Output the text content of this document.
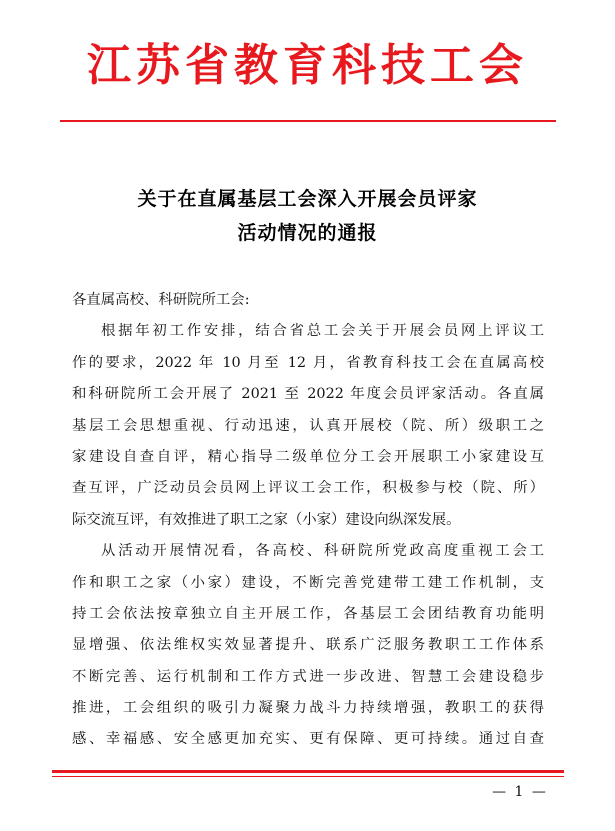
江苏省教育科技工会
关于在直属基层工会深入开展会员评家
活动情况的通报
各直属高校、科研院所工会:
根据年初工作安排，结合省总工会关于开展会员网上评议工
作的要求，2022 年 10 月至 12 月，省教育科技工会在直属高校
和科研院所工会开展了 2021 至 2022 年度会员评家活动。各直属
基层工会思想重视、行动迅速，认真开展校（院、所）级职工之
家建设自查自评，精心指导二级单位分工会开展职工小家建设互
查互评，广泛动员会员网上评议工会工作，积极参与校（院、所）
际交流互评，有效推进了职工之家（小家）建设向纵深发展。
从活动开展情况看，各高校、科研院所党政高度重视工会工
作和职工之家（小家）建设，不断完善党建带工建工作机制，支
持工会依法按章独立自主开展工作，各基层工会团结教育功能明
显增强、依法维权实效显著提升、联系广泛服务教职工工作体系
不断完善、运行机制和工作方式进一步改进、智慧工会建设稳步
推进，工会组织的吸引力凝聚力战斗力持续增强，教职工的获得
感、幸福感、安全感更加充实、更有保障、更可持续。通过自查
— 1 —
